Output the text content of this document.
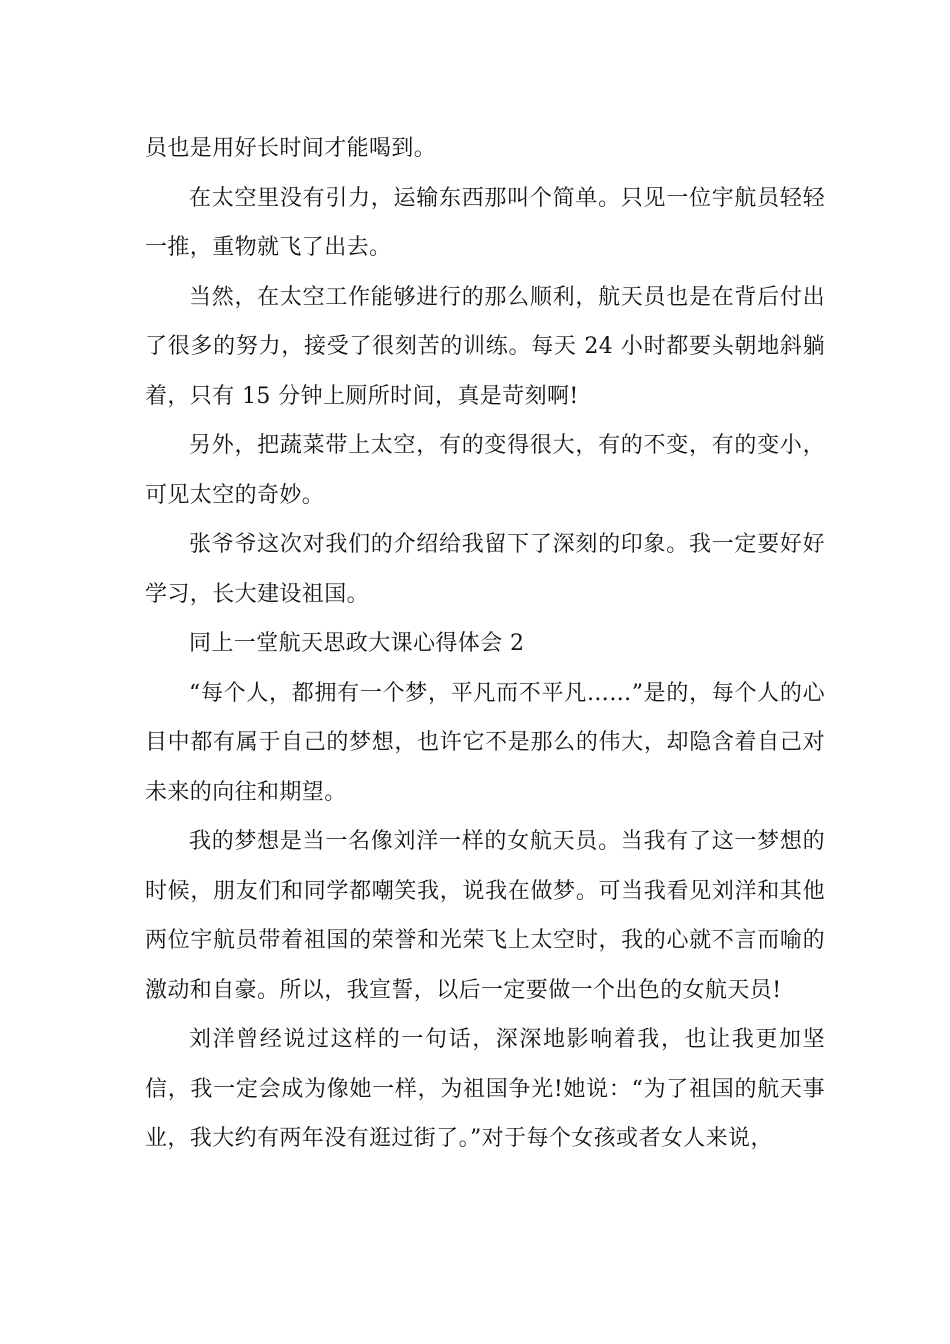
员也是用好长时间才能喝到。

在太空里没有引力，运输东西那叫个简单。只见一位宇航员轻轻一推，重物就飞了出去。

当然，在太空工作能够进行的那么顺利，航天员也是在背后付出了很多的努力，接受了很刻苦的训练。每天 24 小时都要头朝地斜躺着，只有 15 分钟上厕所时间，真是苛刻啊!

另外，把蔬菜带上太空，有的变得很大，有的不变，有的变小，可见太空的奇妙。

张爷爷这次对我们的介绍给我留下了深刻的印象。我一定要好好学习，长大建设祖国。

同上一堂航天思政大课心得体会 2

“每个人，都拥有一个梦，平凡而不平凡……”是的，每个人的心目中都有属于自己的梦想，也许它不是那么的伟大，却隐含着自己对未来的向往和期望。

我的梦想是当一名像刘洋一样的女航天员。当我有了这一梦想的时候，朋友们和同学都嘲笑我，说我在做梦。可当我看见刘洋和其他两位宇航员带着祖国的荣誉和光荣飞上太空时，我的心就不言而喻的激动和自豪。所以，我宣誓，以后一定要做一个出色的女航天员!

刘洋曾经说过这样的一句话，深深地影响着我，也让我更加坚信，我一定会成为像她一样，为祖国争光!她说：“为了祖国的航天事业，我大约有两年没有逛过街了。”对于每个女孩或者女人来说，
